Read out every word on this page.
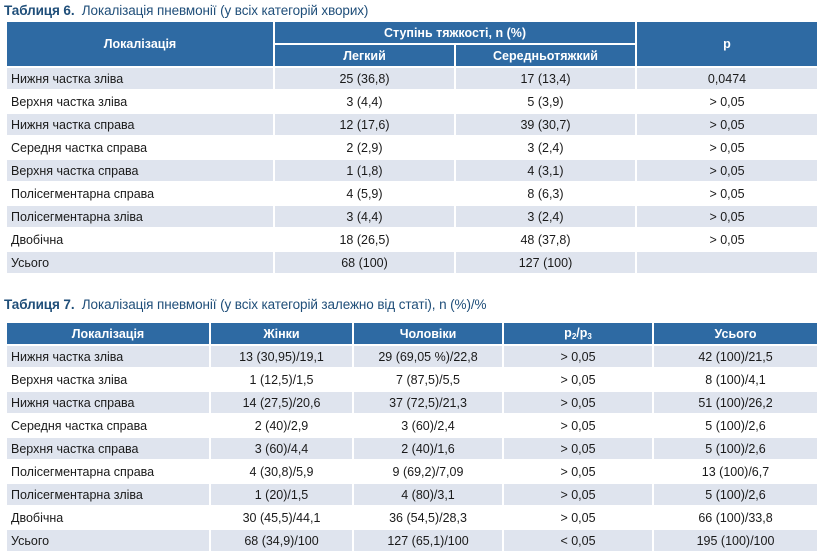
Таблиця 6. Локалізація пневмонії (у всіх категорій хворих)
Локалізація	Ступінь тяжкості, n (%)		p
	Легкий	Середньотяжкий	
Нижня частка зліва	25 (36,8)	17 (13,4)	0,0474
Верхня частка зліва	3 (4,4)	5 (3,9)	> 0,05
Нижня частка справа	12 (17,6)	39 (30,7)	> 0,05
Середня частка справа	2 (2,9)	3 (2,4)	> 0,05
Верхня частка справа	1 (1,8)	4 (3,1)	> 0,05
Полісегментарна справа	4 (5,9)	8 (6,3)	> 0,05
Полісегментарна зліва	3 (4,4)	3 (2,4)	> 0,05
Двобічна	18 (26,5)	48 (37,8)	> 0,05
Усього	68 (100)	127 (100)	
Таблиця 7. Локалізація пневмонії (у всіх категорій залежно від статі), n (%)/%
Локалізація	Жінки	Чоловіки	$p_2/p_3$	Усього
Нижня частка зліва	13 (30,95)/19,1	29 (69,05 %)/22,8	> 0,05	42 (100)/21,5
Верхня частка зліва	1 (12,5)/1,5	7 (87,5)/5,5	> 0,05	8 (100)/4,1
Нижня частка справа	14 (27,5)/20,6	37 (72,5)/21,3	> 0,05	51 (100)/26,2
Середня частка справа	2 (40)/2,9	3 (60)/2,4	> 0,05	5 (100)/2,6
Верхня частка справа	3 (60)/4,4	2 (40)/1,6	> 0,05	5 (100)/2,6
Полісегментарна справа	4 (30,8)/5,9	9 (69,2)/7,09	> 0,05	13 (100)/6,7
Полісегментарна зліва	1 (20)/1,5	4 (80)/3,1	> 0,05	5 (100)/2,6
Двобічна	30 (45,5)/44,1	36 (54,5)/28,3	> 0,05	66 (100)/33,8
Усього	68 (34,9)/100	127 (65,1)/100	< 0,05	195 (100)/100
